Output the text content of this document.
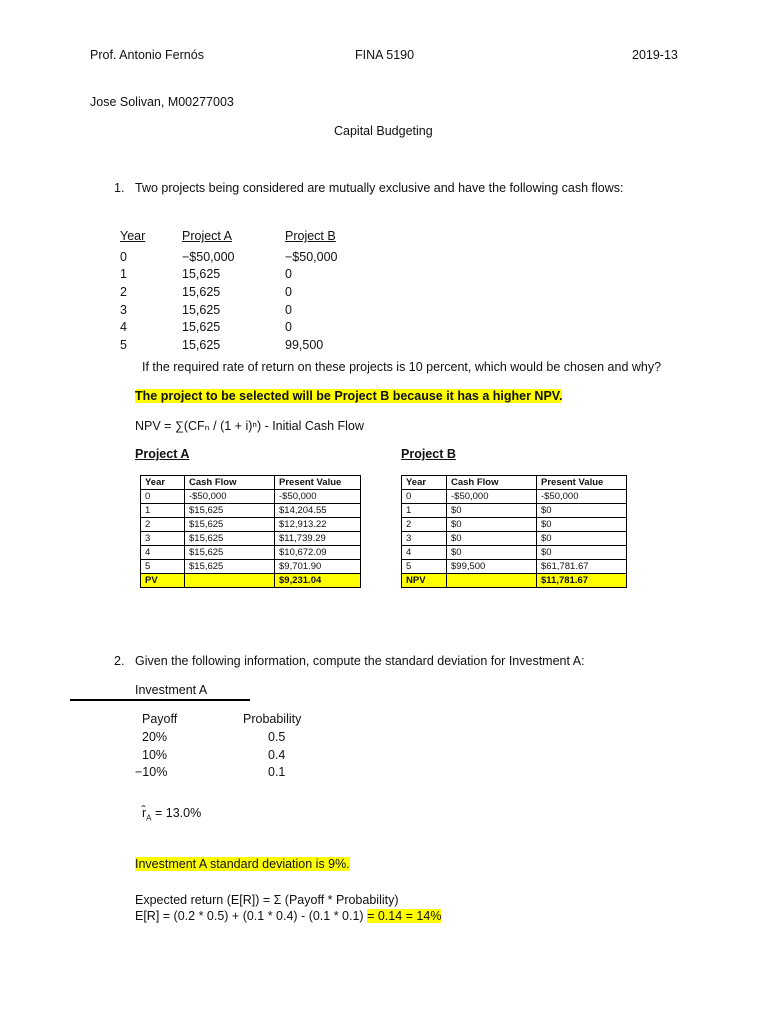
Prof. Antonio Fernós	FINA 5190	2019-13
Jose Solivan, M00277003
Capital Budgeting
1. Two projects being considered are mutually exclusive and have the following cash flows:
Year	Project A	Project B
0	−$50,000	−$50,000
1	15,625	0
2	15,625	0
3	15,625	0
4	15,625	0
5	15,625	99,500
If the required rate of return on these projects is 10 percent, which would be chosen and why?
The project to be selected will be Project B because it has a higher NPV.
NPV = ∑(CFₙ / (1 + i)ⁿ) - Initial Cash Flow
Project A	Project B
Year	Cash Flow	Present Value
0	-$50,000	-$50,000
1	$15,625	$14,204.55
2	$15,625	$12,913.22
3	$15,625	$11,739.29
4	$15,625	$10,672.09
5	$15,625	$9,701.90
PV		$9,231.04
Year	Cash Flow	Present Value
0	-$50,000	-$50,000
1	$0	$0
2	$0	$0
3	$0	$0
4	$0	$0
5	$99,500	$61,781.67
NPV		$11,781.67
2. Given the following information, compute the standard deviation for Investment A:
Investment A
Payoff	Probability
20%	0.5
10%	0.4
−10%	0.1
$r̂_A = 13.0\%$
Investment A standard deviation is 9%.
Expected return (E[R]) = Σ (Payoff * Probability)
E[R] = (0.2 * 0.5) + (0.1 * 0.4) - (0.1 * 0.1) = 0.14 = 14%
